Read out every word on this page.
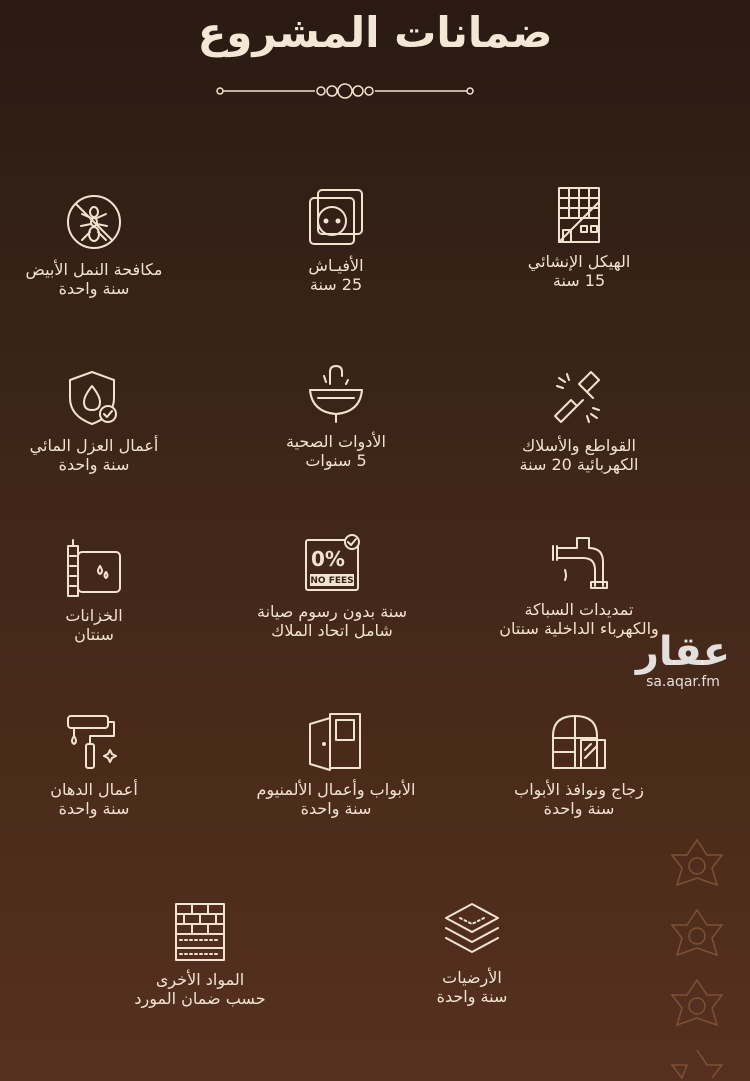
ضمانات المشروع
الهيكل الإنشائي
15 سنة
الأفيـاش
25 سنة
مكافحة النمل الأبيض
سنة واحدة
القواطع والأسلاك
الكهربائية 20 سنة
الأدوات الصحية
5 سنوات
أعمال العزل المائي
سنة واحدة
تمديدات السباكة
والكهرباء الداخلية سنتان
0%
NO FEES
سنة بدون رسوم صيانة
شامل اتحاد الملاك
الخزانات
سنتان
زجاج ونوافذ الأبواب
سنة واحدة
الأبواب وأعمال الألمنيوم
سنة واحدة
أعمال الدهان
سنة واحدة
الأرضيات
سنة واحدة
المواد الأخرى
حسب ضمان المورد
عقار
sa.aqar.fm
